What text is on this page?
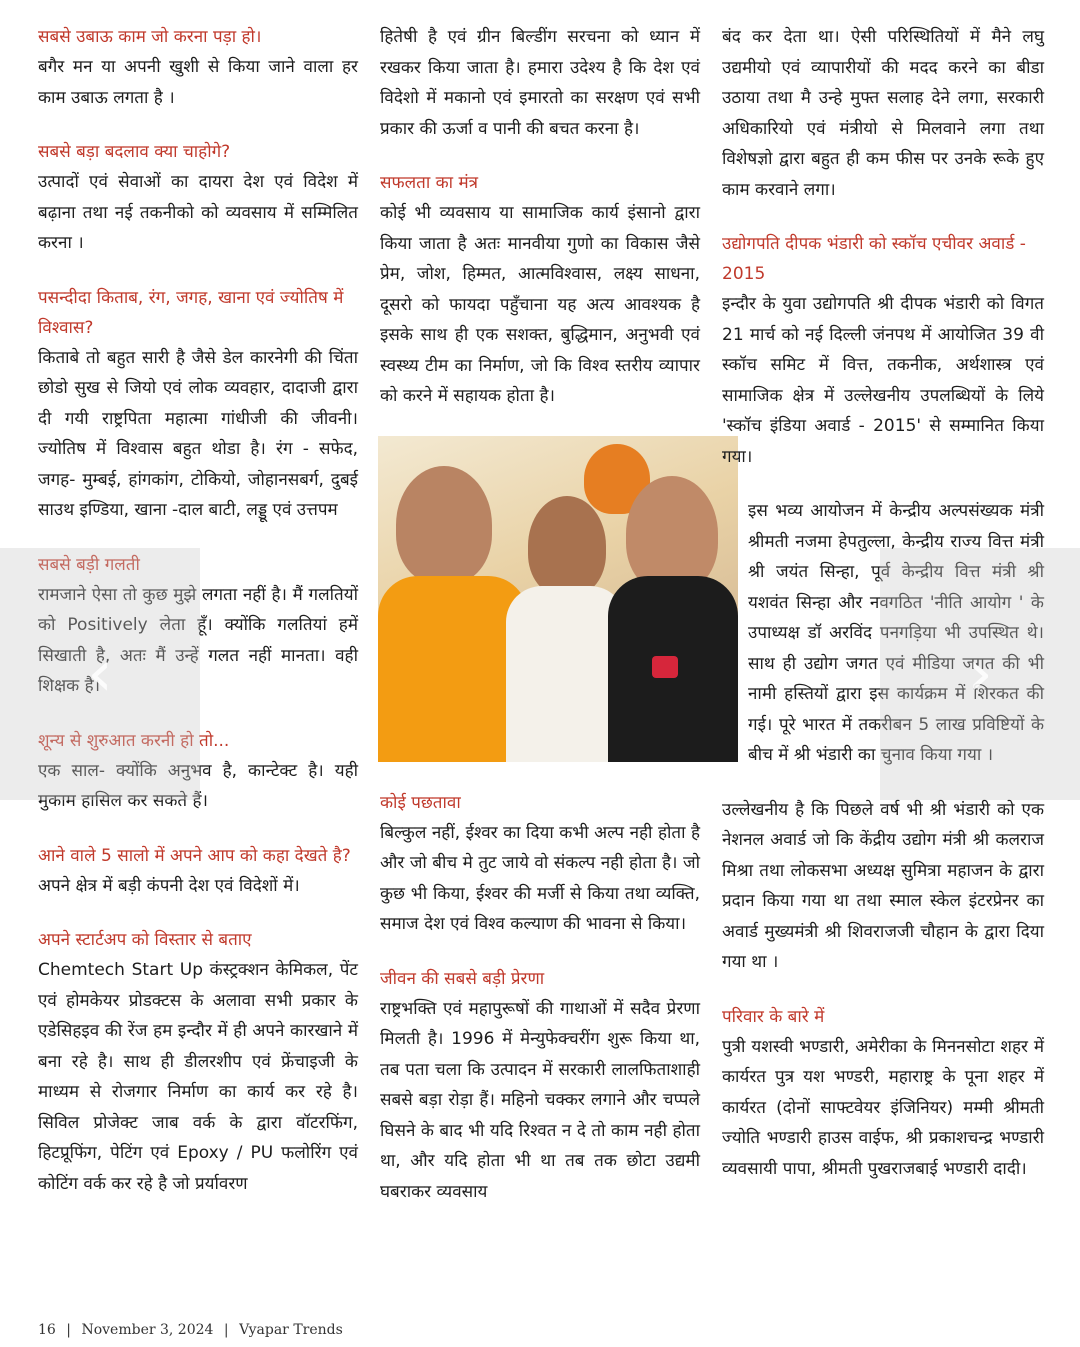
सबसे उबाऊ काम जो करना पड़ा हो।

बगैर मन या अपनी खुशी से किया जाने वाला हर काम उबाऊ लगता है ।

सबसे बड़ा बदलाव क्या चाहोगे?

उत्पादों एवं सेवाओं का दायरा देश एवं विदेश में बढ़ाना तथा नई तकनीको को व्यवसाय में सम्मिलित करना ।

पसन्दीदा किताब, रंग, जगह, खाना एवं ज्योतिष में विश्वास?

किताबे तो बहुत सारी है जैसे डेल कारनेगी की चिंता छोडो सुख से जियो एवं लोक व्यवहार, दादाजी द्वारा दी गयी राष्ट्रपिता महात्मा गांधीजी की जीवनी। ज्योतिष में विश्वास बहुत थोडा है। रंग - सफेद, जगह- मुम्बई, हांगकांग, टोकियो, जोहानसबर्ग, दुबई साउथ इण्डिया, खाना -दाल बाटी, लड्डू एवं उत्तपम

सबसे बड़ी गलती

रामजाने ऐसा तो कुछ मुझे लगता नहीं है। मैं गलतियों को Positively लेता हूँ। क्योंकि गलतियां हमें सिखाती है, अतः मैं उन्हें गलत नहीं मानता। वही शिक्षक है।

शून्य से शुरुआत करनी हो तो...

एक साल- क्योंकि अनुभव है, कान्टेक्ट है। यही मुकाम हासिल कर सकते हैं।

आने वाले 5 सालो में अपने आप को कहा देखते है?

अपने क्षेत्र में बड़ी कंपनी देश एवं विदेशों में।

अपने स्टार्टअप को विस्तार से बताए

Chemtech Start Up कंस्ट्रक्शन केमिकल, पेंट एवं होमकेयर प्रोडक्टस के अलावा सभी प्रकार के एडेसिहइव की रेंज हम इन्दौर में ही अपने कारखाने में बना रहे है। साथ ही डीलरशीप एवं फ्रेंचाइजी के माध्यम से रोजगार निर्माण का कार्य कर रहे है। सिविल प्रोजेक्ट जाब वर्क के द्वारा वॉटरफिंग, हिटप्रूफिंग, पेटिंग एवं Epoxy / PU फलोरिंग एवं कोटिंग वर्क कर रहे है जो प्रर्यावरण

हितेषी है एवं ग्रीन बिल्डींग सरचना को ध्यान में रखकर किया जाता है। हमारा उदेश्य है कि देश एवं विदेशो में मकानो एवं इमारतो का सरक्षण एवं सभी प्रकार की ऊर्जा व पानी की बचत करना है।

सफलता का मंत्र

कोई भी व्यवसाय या सामाजिक कार्य इंसानो द्वारा किया जाता है अतः मानवीया गुणो का विकास जैसे प्रेम, जोश, हिम्मत, आत्मविश्वास, लक्ष्य साधना, दूसरो को फायदा पहुँचाना यह अत्य आवश्यक है इसके साथ ही एक सशक्त, बुद्धिमान, अनुभवी एवं स्वस्थ्य टीम का निर्माण, जो कि विश्व स्तरीय व्यापार को करने में सहायक होता है।

कोई पछतावा

बिल्कुल नहीं, ईश्वर का दिया कभी अल्प नही होता है और जो बीच मे तुट जाये वो संकल्प नही होता है। जो कुछ भी किया, ईश्वर की मर्जी से किया तथा व्यक्ति, समाज देश एवं विश्व कल्याण की भावना से किया।

जीवन की सबसे बड़ी प्रेरणा

राष्ट्रभक्ति एवं महापुरूषों की गाथाओं में सदैव प्रेरणा मिलती है। 1996 में मेन्युफेक्चरींग शुरू किया था, तब पता चला कि उत्पादन में सरकारी लालफिताशाही सबसे बड़ा रोड़ा हैं। महिनो चक्कर लगाने और चप्पले घिसने के बाद भी यदि रिश्वत न दे तो काम नही होता था, और यदि होता भी था तब तक छोटा उद्यमी घबराकर व्यवसाय

बंद कर देता था। ऐसी परिस्थितियों में मैने लघु उद्यमीयो एवं व्यापारीयों की मदद करने का बीडा उठाया तथा मै उन्हे मुफ्त सलाह देने लगा, सरकारी अधिकारियो एवं मंत्रीयो से मिलवाने लगा तथा विशेषज्ञो द्वारा बहुत ही कम फीस पर उनके रूके हुए काम करवाने लगा।

उद्योगपति दीपक भंडारी को स्कॉच एचीवर अवार्ड - 2015

इन्दौर के युवा उद्योगपति श्री दीपक भंडारी को विगत 21 मार्च को नई दिल्ली जंनपथ में आयोजित 39 वी स्कॉच समिट में वित्त, तकनीक, अर्थशास्त्र एवं सामाजिक क्षेत्र में उल्लेखनीय उपलब्धियों के लिये 'स्कॉच इंडिया अवार्ड - 2015' से सम्मानित किया गया।

इस भव्य आयोजन में केन्द्रीय अल्पसंख्यक मंत्री श्रीमती नजमा हेपतुल्ला, केन्द्रीय राज्य वित्त मंत्री श्री जयंत सिन्हा, पूर्व केन्द्रीय वित्त मंत्री श्री यशवंत सिन्हा और नवगठित 'नीति आयोग ' के उपाध्यक्ष डॉ अरविंद पनगड़िया भी उपस्थित थे। साथ ही उद्योग जगत एवं मीडिया जगत की भी नामी हस्तियों द्वारा इस कार्यक्रम में शिरकत की गई। पूरे भारत में तकरीबन 5 लाख प्रविष्टियों के बीच में श्री भंडारी का चुनाव किया गया ।

उल्लेखनीय है कि पिछले वर्ष भी श्री भंडारी को एक नेशनल अवार्ड जो कि केंद्रीय उद्योग मंत्री श्री कलराज मिश्रा तथा लोकसभा अध्यक्ष सुमित्रा महाजन के द्वारा प्रदान किया गया था तथा स्माल स्केल इंटरप्रेनर का अवार्ड मुख्यमंत्री श्री शिवराजजी चौहान के द्वारा दिया गया था ।

परिवार के बारे में

पुत्री यशस्वी भण्डारी, अमेरीका के मिननसोटा शहर में कार्यरत पुत्र यश भण्डरी, महाराष्ट्र के पूना शहर में कार्यरत (दोनों साफ्टवेयर इंजिनियर) मम्मी श्रीमती ज्योति भण्डारी हाउस वाईफ, श्री प्रकाशचन्द्र भण्डारी व्यवसायी पापा, श्रीमती पुखराजबाई भण्डारी दादी।

‹	›
16 | November 3, 2024 | Vyapar Trends
